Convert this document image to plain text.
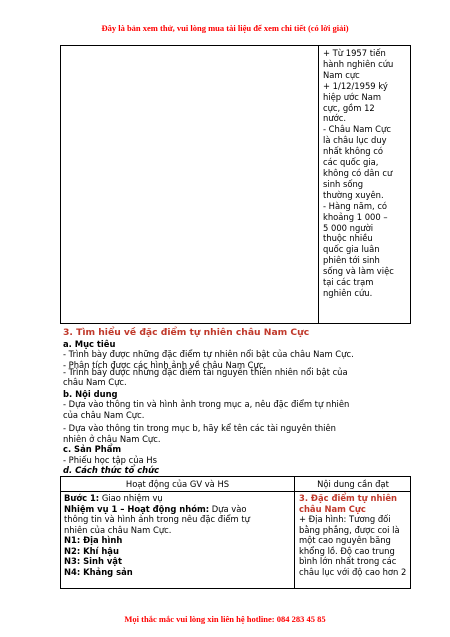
Đây là bản xem thử, vui lòng mua tài liệu để xem chi tiết (có lời giải)
+ Từ 1957 tiến
hành nghiên cứu
Nam cực
+ 1/12/1959 ký
hiệp ước Nam
cực, gồm 12
nước.
- Châu Nam Cực
là châu lục duy
nhất không có
các quốc gia,
không có dân cư
sinh sống
thường xuyên.
- Hàng năm, có
khoảng 1 000 –
5 000 người
thuộc nhiều
quốc gia luân
phiên tới sinh
sống và làm việc
tại các trạm
nghiên cứu.
3. Tìm hiểu về đặc điểm tự nhiên châu Nam Cực
a. Mục tiêu
- Trình bày được những đặc điểm tự nhiên nổi bật của châu Nam Cực.
- Phân tích được các hình ảnh về châu Nam Cực.
- Trình bày được những đặc điểm tài nguyên thiên nhiên nổi bật của
châu Nam Cực.
b. Nội dung
- Dựa vào thông tin và hình ảnh trong mục a, nêu đặc điểm tự nhiên
của châu Nam Cực.
- Dựa vào thông tin trong mục b, hãy kể tên các tài nguyên thiên
nhiên ở châu Nam Cực.
c. Sản Phẩm
- Phiếu học tập của Hs
d. Cách thức tổ chức
Hoạt động của GV và HS	Nội dung cần đạt
Bước 1: Giao nhiệm vụ
Nhiệm vụ 1 – Hoạt động nhóm: Dựa vào
thông tin và hình ảnh trong nêu đặc điểm tự
nhiên của châu Nam Cực.
N1: Địa hình
N2: Khí hậu
N3: Sinh vật
N4: Khảng sản
3. Đặc điểm tự nhiên
châu Nam Cực
+ Địa hình: Tương đối
bằng phẳng, được coi là
một cao nguyên băng
khổng lồ. Độ cao trung
bình lớn nhất trong các
châu lục với độ cao hơn 2
Mọi thắc mắc vui lòng xin liên hệ hotline: 084 283 45 85
